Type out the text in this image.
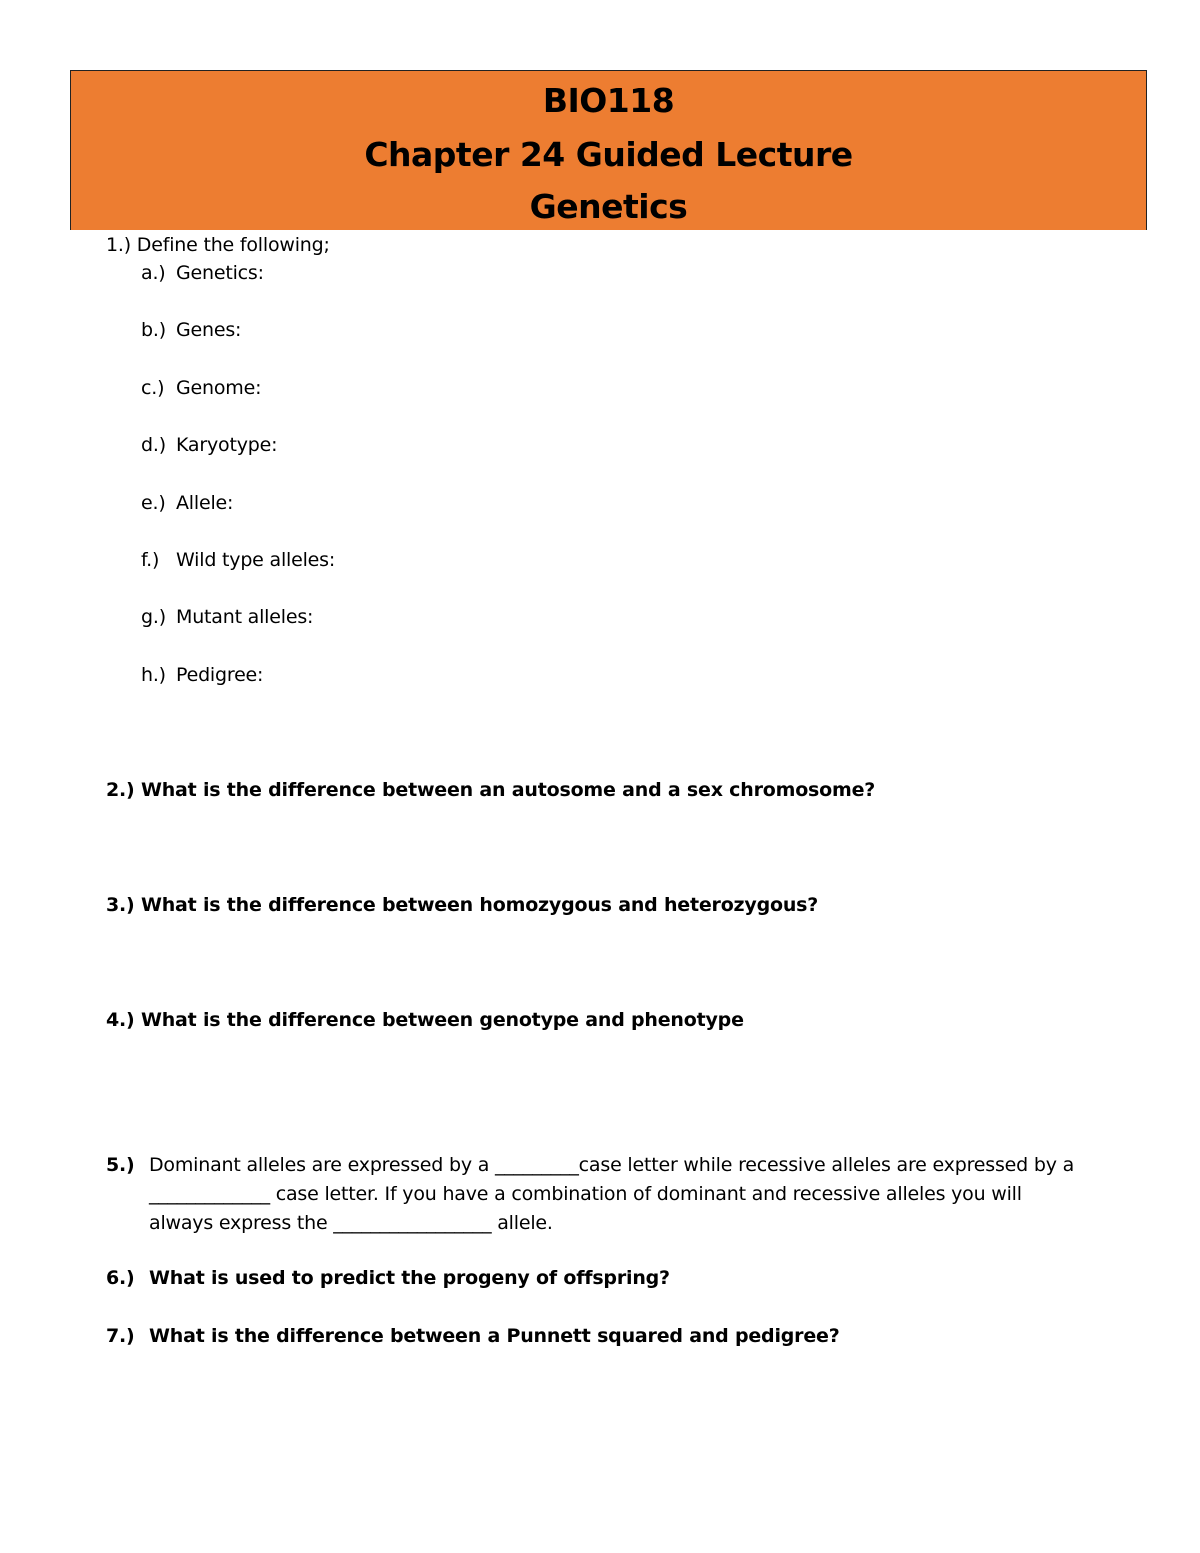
BIO118
Chapter 24 Guided Lecture
Genetics
1.) Define the following;
a.) Genetics:
b.) Genes:
c.) Genome:
d.) Karyotype:
e.) Allele:
f.) Wild type alleles:
g.) Mutant alleles:
h.) Pedigree:
2.) What is the difference between an autosome and a sex chromosome?
3.) What is the difference between homozygous and heterozygous?
4.) What is the difference between genotype and phenotype
5.) Dominant alleles are expressed by a _________case letter while recessive alleles are expressed by a
_____________ case letter. If you have a combination of dominant and recessive alleles you will
always express the _________________ allele.
6.) What is used to predict the progeny of offspring?
7.) What is the difference between a Punnett squared and pedigree?
